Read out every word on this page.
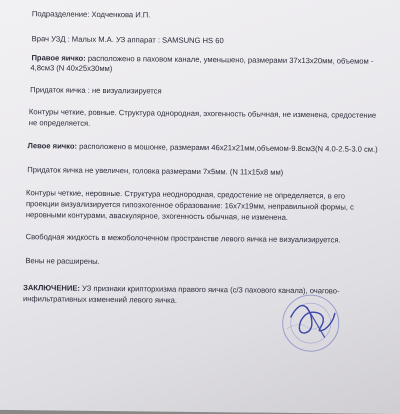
Подразделение: Ходченкова И.П.
Врач УЗД : Малых М.А. УЗ аппарат : SAMSUNG HS 60
Правое яичко: расположено в паховом канале, уменьшено, размерами 37х13х20мм, объемом -
4,8см3 (N 40х25х30мм)
Придаток яичка : не визуализируется
Контуры четкие, ровные. Структура однородная, эхогенность обычная, не изменена, средостение
не определяется.
Левое яичко: расположено в мошонке, размерами 46х21х21мм,объемом-9.8см3(N 4.0-2.5-3.0 см.)
Придаток яичка не увеличен, головка размерами 7х5мм. (N 11х15х8 мм)
Контуры четкие, неровные. Структура неоднородная, средостение не определяется, в его
проекции визуализируется гипоэхогенное образование: 16х7х19мм, неправильной формы, с
неровными контурами, аваскулярное, эхогенность обычная, не изменена.
Свободная жидкость в межоболочечном пространстве левого яичка не визуализируется.
Вены не расширены.
ЗАКЛЮЧЕНИЕ: УЗ признаки крипторхизма правого яичка (с/3 пахового канала), очагово-
инфильтративных изменений левого яичка.
